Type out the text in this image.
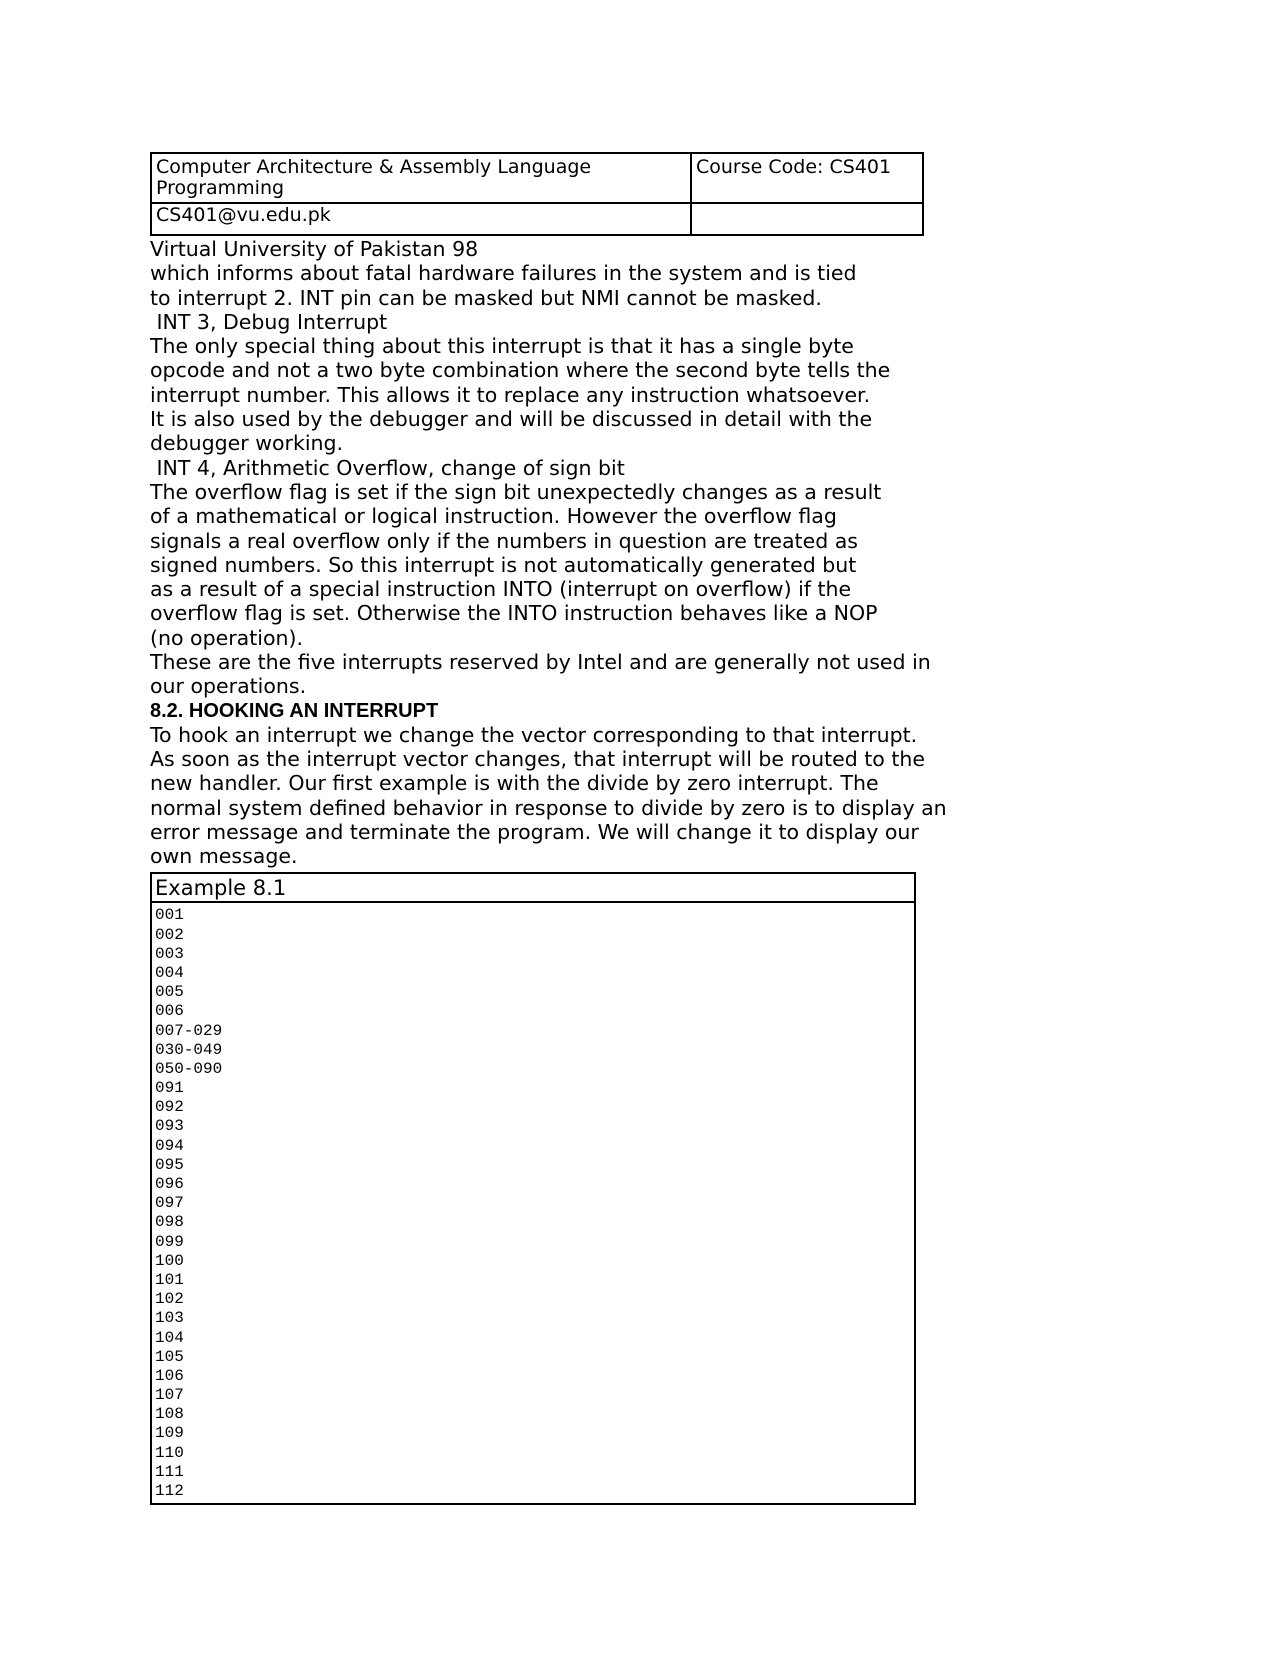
Computer Architecture & Assembly Language
Programming	Course Code: CS401
CS401@vu.edu.pk	

Virtual University of Pakistan 98

which informs about fatal hardware failures in the system and is tied

to interrupt 2. INT pin can be masked but NMI cannot be masked.

INT 3, Debug Interrupt

The only special thing about this interrupt is that it has a single byte

opcode and not a two byte combination where the second byte tells the

interrupt number. This allows it to replace any instruction whatsoever.

It is also used by the debugger and will be discussed in detail with the

debugger working.

INT 4, Arithmetic Overflow, change of sign bit

The overflow flag is set if the sign bit unexpectedly changes as a result

of a mathematical or logical instruction. However the overflow flag

signals a real overflow only if the numbers in question are treated as

signed numbers. So this interrupt is not automatically generated but

as a result of a special instruction INTO (interrupt on overflow) if the

overflow flag is set. Otherwise the INTO instruction behaves like a NOP

(no operation).

These are the five interrupts reserved by Intel and are generally not used in

our operations.

8.2. HOOKING AN INTERRUPT

To hook an interrupt we change the vector corresponding to that interrupt.

As soon as the interrupt vector changes, that interrupt will be routed to the

new handler. Our first example is with the divide by zero interrupt. The

normal system defined behavior in response to divide by zero is to display an

error message and terminate the program. We will change it to display our

own message.

Example 8.1
001
002
003
004
005
006
007-029
030-049
050-090
091
092
093
094
095
096
097
098
099
100
101
102
103
104
105
106
107
108
109
110
111
112
